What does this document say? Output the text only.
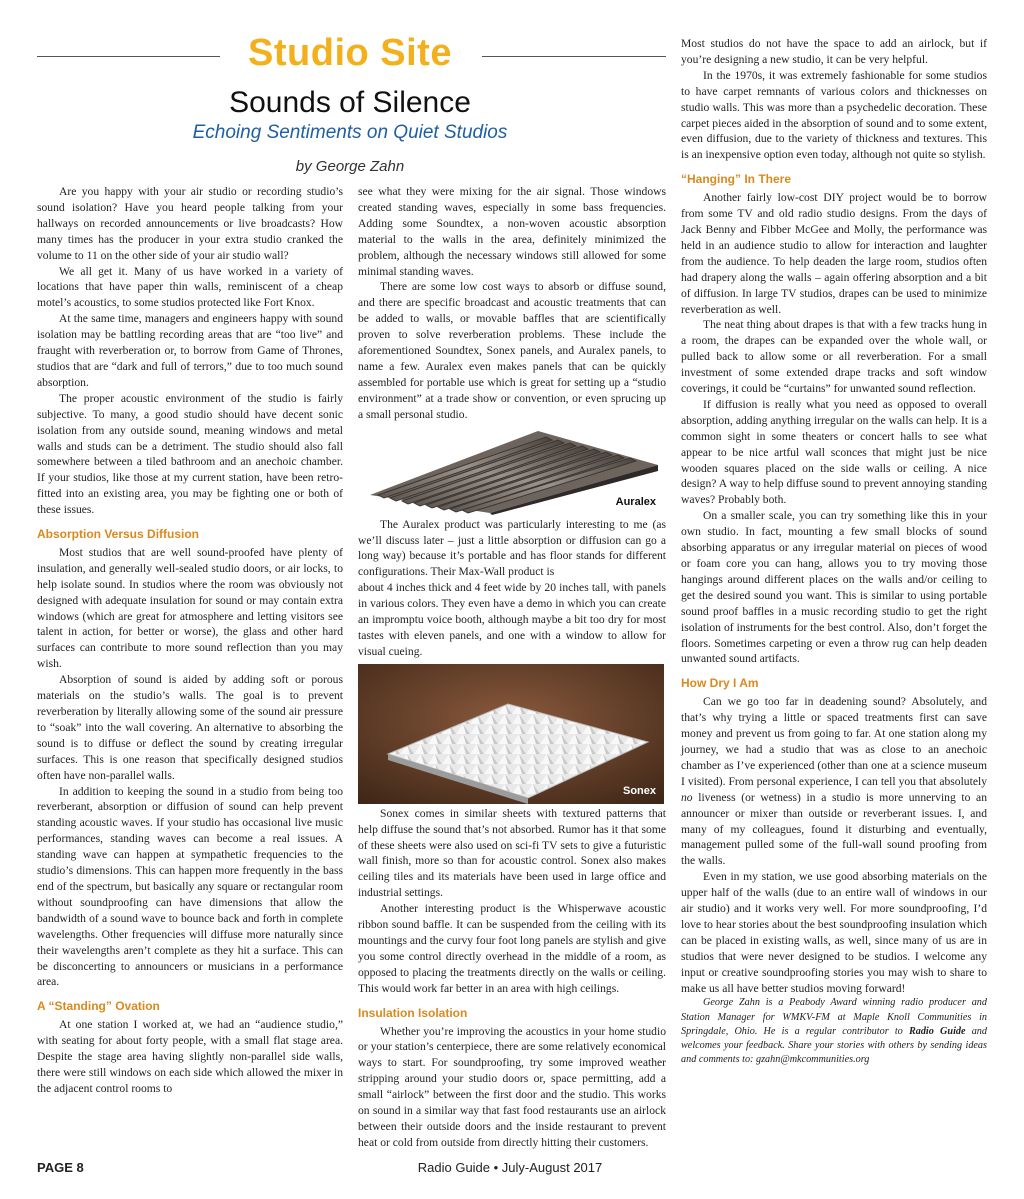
Studio Site
Sounds of Silence
Echoing Sentiments on Quiet Studios
by George Zahn

Are you happy with your air studio or recording studio’s sound isolation? Have you heard people talking from your hallways on recorded announcements or live broadcasts? How many times has the producer in your extra studio cranked the volume to 11 on the other side of your air studio wall?

We all get it. Many of us have worked in a variety of locations that have paper thin walls, reminiscent of a cheap motel’s acoustics, to some studios protected like Fort Knox.

At the same time, managers and engineers happy with sound isolation may be battling recording areas that are “too live” and fraught with reverberation or, to borrow from Game of Thrones, studios that are “dark and full of terrors,” due to too much sound absorption.

The proper acoustic environment of the studio is fairly subjective. To many, a good studio should have decent sonic isolation from any outside sound, meaning windows and metal walls and studs can be a detriment. The studio should also fall somewhere between a tiled bathroom and an anechoic chamber. If your studios, like those at my current station, have been retro-fitted into an existing area, you may be fighting one or both of these issues.

Absorption Versus Diffusion

Most studios that are well sound-proofed have plenty of insulation, and generally well-sealed studio doors, or air locks, to help isolate sound. In studios where the room was obviously not designed with adequate insulation for sound or may contain extra windows (which are great for atmosphere and letting visitors see talent in action, for better or worse), the glass and other hard surfaces can contribute to more sound reflection than you may wish.

Absorption of sound is aided by adding soft or porous materials on the studio’s walls. The goal is to prevent reverberation by literally allowing some of the sound air pressure to “soak” into the wall covering. An alternative to absorbing the sound is to diffuse or deflect the sound by creating irregular surfaces. This is one reason that specifically designed studios often have non-parallel walls.

In addition to keeping the sound in a studio from being too reverberant, absorption or diffusion of sound can help prevent standing acoustic waves. If your studio has occasional live music performances, standing waves can become a real issues. A standing wave can happen at sympathetic frequencies to the studio’s dimensions. This can happen more frequently in the bass end of the spectrum, but basically any square or rectangular room without soundproofing can have dimensions that allow the bandwidth of a sound wave to bounce back and forth in complete wavelengths. Other frequencies will diffuse more naturally since their wavelengths aren’t complete as they hit a surface. This can be disconcerting to announcers or musicians in a performance area.

A “Standing” Ovation

At one station I worked at, we had an “audience studio,” with seating for about forty people, with a small flat stage area. Despite the stage area having slightly non-parallel side walls, there were still windows on each side which allowed the mixer in the adjacent control rooms to

see what they were mixing for the air signal. Those windows created standing waves, especially in some bass frequencies. Adding some Soundtex, a non-woven acoustic absorption material to the walls in the area, definitely minimized the problem, although the necessary windows still allowed for some minimal standing waves.

There are some low cost ways to absorb or diffuse sound, and there are specific broadcast and acoustic treatments that can be added to walls, or movable baffles that are scientifically proven to solve reverberation problems. These include the aforementioned Soundtex, Sonex panels, and Auralex panels, to name a few. Auralex even makes panels that can be quickly assembled for portable use which is great for setting up a “studio environment” at a trade show or convention, or even sprucing up a small personal studio.

Auralex

The Auralex product was particularly interesting to me (as we’ll discuss later – just a little absorption or diffusion can go a long way) because it’s portable and has floor stands for different configurations. Their Max-Wall product is

about 4 inches thick and 4 feet wide by 20 inches tall, with panels in various colors. They even have a demo in which you can create an impromptu voice booth, although maybe a bit too dry for most tastes with eleven panels, and one with a window to allow for visual cueing.

Sonex

Sonex comes in similar sheets with textured patterns that help diffuse the sound that’s not absorbed. Rumor has it that some of these sheets were also used on sci-fi TV sets to give a futuristic wall finish, more so than for acoustic control. Sonex also makes ceiling tiles and its materials have been used in large office and industrial settings.

Another interesting product is the Whisperwave acoustic ribbon sound baffle. It can be suspended from the ceiling with its mountings and the curvy four foot long panels are stylish and give you some control directly overhead in the middle of a room, as opposed to placing the treatments directly on the walls or ceiling. This would work far better in an area with high ceilings.

Insulation Isolation

Whether you’re improving the acoustics in your home studio or your station’s centerpiece, there are some relatively economical ways to start. For soundproofing, try some improved weather stripping around your studio doors or, space permitting, add a small “airlock” between the first door and the studio. This works on sound in a similar way that fast food restaurants use an airlock between their outside doors and the inside restaurant to prevent heat or cold from outside from directly hitting their customers.

Most studios do not have the space to add an airlock, but if you’re designing a new studio, it can be very helpful.

In the 1970s, it was extremely fashionable for some studios to have carpet remnants of various colors and thicknesses on studio walls. This was more than a psychedelic decoration. These carpet pieces aided in the absorption of sound and to some extent, even diffusion, due to the variety of thickness and textures. This is an inexpensive option even today, although not quite so stylish.

“Hanging” In There

Another fairly low-cost DIY project would be to borrow from some TV and old radio studio designs. From the days of Jack Benny and Fibber McGee and Molly, the performance was held in an audience studio to allow for interaction and laughter from the audience. To help deaden the large room, studios often had drapery along the walls – again offering absorption and a bit of diffusion. In large TV studios, drapes can be used to minimize reverberation as well.

The neat thing about drapes is that with a few tracks hung in a room, the drapes can be expanded over the whole wall, or pulled back to allow some or all reverberation. For a small investment of some extended drape tracks and soft window coverings, it could be “curtains” for unwanted sound reflection.

If diffusion is really what you need as opposed to overall absorption, adding anything irregular on the walls can help. It is a common sight in some theaters or concert halls to see what appear to be nice artful wall sconces that might just be nice wooden squares placed on the side walls or ceiling. A nice design? A way to help diffuse sound to prevent annoying standing waves? Probably both.

On a smaller scale, you can try something like this in your own studio. In fact, mounting a few small blocks of sound absorbing apparatus or any irregular material on pieces of wood or foam core you can hang, allows you to try moving those hangings around different places on the walls and/or ceiling to get the desired sound you want. This is similar to using portable sound proof baffles in a music recording studio to get the right isolation of instruments for the best control. Also, don’t forget the floors. Sometimes carpeting or even a throw rug can help deaden unwanted sound artifacts.

How Dry I Am

Can we go too far in deadening sound? Absolutely, and that’s why trying a little or spaced treatments first can save money and prevent us from going to far. At one station along my journey, we had a studio that was as close to an anechoic chamber as I’ve experienced (other than one at a science museum I visited). From personal experience, I can tell you that absolutely no liveness (or wetness) in a studio is more unnerving to an announcer or mixer than outside or reverberant issues. I, and many of my colleagues, found it disturbing and eventually, management pulled some of the full-wall sound proofing from the walls.

Even in my station, we use good absorbing materials on the upper half of the walls (due to an entire wall of windows in our air studio) and it works very well. For more soundproofing, I’d love to hear stories about the best soundproofing insulation which can be placed in existing walls, as well, since many of us are in studios that were never designed to be studios. I welcome any input or creative soundproofing stories you may wish to share to make us all have better studios moving forward!

George Zahn is a Peabody Award winning radio producer and Station Manager for WMKV-FM at Maple Knoll Communities in Springdale, Ohio. He is a regular contributor to Radio Guide and welcomes your feedback. Share your stories with others by sending ideas and comments to: gzahn@mkcommunities.org

PAGE 8	Radio Guide • July-August 2017
